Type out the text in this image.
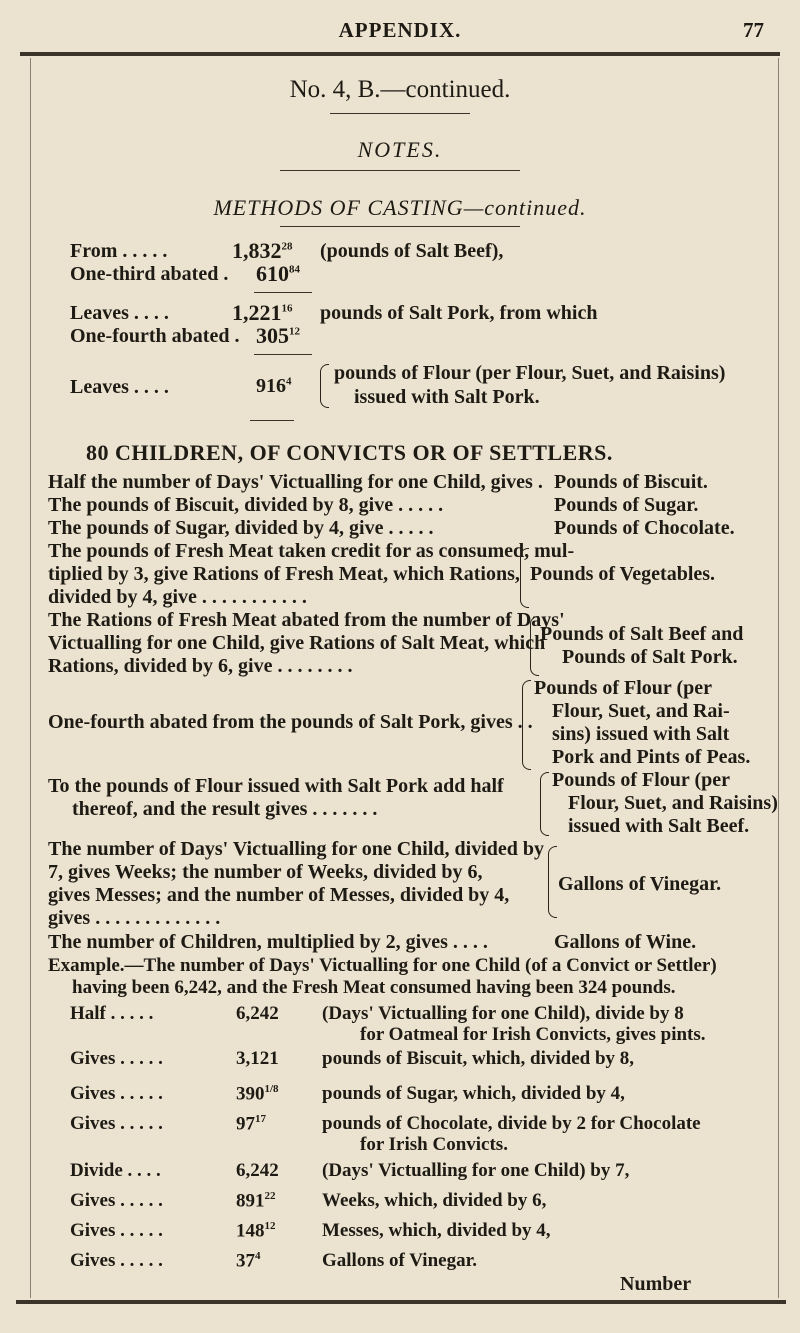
APPENDIX.	77
No. 4, B.—continued.
NOTES.
METHODS OF CASTING—continued.
From . . . . .	1,832$^{28}$ (pounds of Salt Beef),
One-third abated . $610^{84}$
Leaves . . . .	1,221$^{16}$ pounds of Salt Pork, from which
One-fourth abated . $305^{12}$
Leaves . . . .	$916^4$ pounds of Flour (per Flour, Suet, and Raisins)
issued with Salt Pork.
80 CHILDREN, OF CONVICTS OR OF SETTLERS.
Half the number of Days' Victualling for one Child, gives . Pounds of Biscuit.
The pounds of Biscuit, divided by 8, give . . . . .	Pounds of Sugar.
The pounds of Sugar, divided by 4, give . . . . .	Pounds of Chocolate.
The pounds of Fresh Meat taken credit for as consumed, mul-
tiplied by 3, give Rations of Fresh Meat, which Rations,
divided by 4, give . . . . . . . . . . .
Pounds of Vegetables.
The Rations of Fresh Meat abated from the number of Days'
Victualling for one Child, give Rations of Salt Meat, which
Rations, divided by 6, give . . . . . . . .
Pounds of Salt Beef and
Pounds of Salt Pork.
One-fourth abated from the pounds of Salt Pork, gives . .
Pounds of Flour (per
Flour, Suet, and Rai-
sins) issued with Salt
Pork and Pints of Peas.
To the pounds of Flour issued with Salt Pork add half
thereof, and the result gives . . . . . . .
Pounds of Flour (per
Flour, Suet, and Raisins)
issued with Salt Beef.
The number of Days' Victualling for one Child, divided by
7, gives Weeks; the number of Weeks, divided by 6,
gives Messes; and the number of Messes, divided by 4,
gives . . . . . . . . . . . . .
Gallons of Vinegar.
The number of Children, multiplied by 2, gives . . . .	Gallons of Wine.
Example.—The number of Days' Victualling for one Child (of a Convict or Settler)
having been 6,242, and the Fresh Meat consumed having been 324 pounds.
Half . . . . .	6,242 (Days' Victualling for one Child), divide by 8
for Oatmeal for Irish Convicts, gives pints.
Gives . . . . .	3,121 pounds of Biscuit, which, divided by 8,
Gives . . . . .	$390^{1/8}$ pounds of Sugar, which, divided by 4,
Gives . . . . .	$97^{17}$	pounds of Chocolate, divide by 2 for Chocolate
for Irish Convicts.
Divide . . . .	6,242 (Days' Victualling for one Child) by 7,
Gives . . . . .	$891^{22}$ Weeks, which, divided by 6,
Gives . . . . .	$148^{12}$ Messes, which, divided by 4,
Gives . . . . .	$37^4$	Gallons of Vinegar.
Number
